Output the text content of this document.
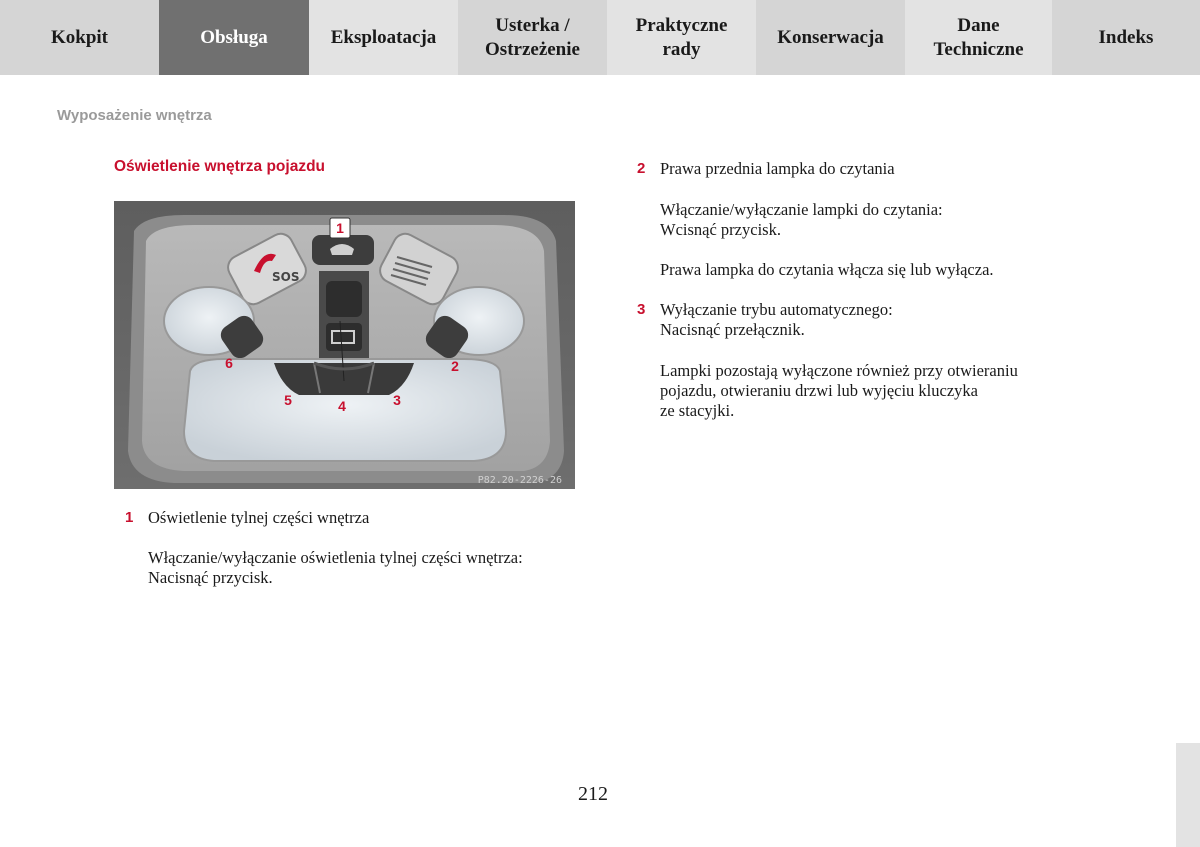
Kokpit	Obsługa	Eksploatacja
Usterka /
Ostrzeżenie
Praktyczne
rady
Konserwacja
Dane
Techniczne
Indeks
Wyposażenie wnętrza
Oświetlenie wnętrza pojazdu
SOS
1
2
3
4
5
6
P82.20-2226-26
1 Oświetlenie tylnej części wnętrza
Włączanie/wyłączanie oświetlenia tylnej części wnętrza:
Nacisnąć przycisk.
2 Prawa przednia lampka do czytania
Włączanie/wyłączanie lampki do czytania:
Wcisnąć przycisk.
Prawa lampka do czytania włącza się lub wyłącza.
3 Wyłączanie trybu automatycznego:
Nacisnąć przełącznik.
Lampki pozostają wyłączone również przy otwieraniu
pojazdu, otwieraniu drzwi lub wyjęciu kluczyka
ze stacyjki.
212
